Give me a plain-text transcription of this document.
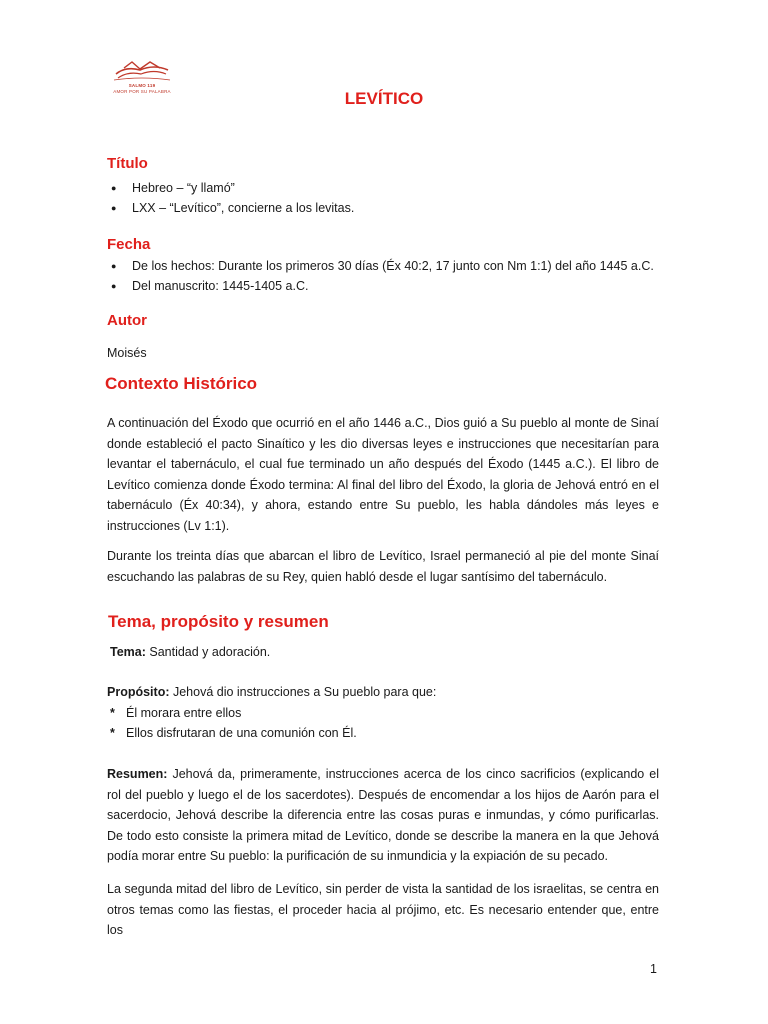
SALMO 119
AMOR POR SU PALABRA	LEVÍTICO
Título
● Hebreo – “y llamó”
● LXX – “Levítico”, concierne a los levitas.
Fecha
● De los hechos: Durante los primeros 30 días (Éx 40:2, 17 junto con Nm 1:1) del año 1445 a.C.
● Del manuscrito: 1445-1405 a.C.
Autor

Moisés

Contexto Histórico

A continuación del Éxodo que ocurrió en el año 1446 a.C., Dios guió a Su pueblo al monte de Sinaí donde estableció el pacto Sinaítico y les dio diversas leyes e instrucciones que necesitarían para levantar el tabernáculo, el cual fue terminado un año después del Éxodo (1445 a.C.). El libro de Levítico comienza donde Éxodo termina: Al final del libro del Éxodo, la gloria de Jehová entró en el tabernáculo (Éx 40:34), y ahora, estando entre Su pueblo, les habla dándoles más leyes e instrucciones (Lv 1:1).

Durante los treinta días que abarcan el libro de Levítico, Israel permaneció al pie del monte Sinaí escuchando las palabras de su Rey, quien habló desde el lugar santísimo del tabernáculo.

Tema, propósito y resumen

Tema: Santidad y adoración.

Propósito: Jehová dio instrucciones a Su pueblo para que:

* Él morara entre ellos
* Ellos disfrutaran de una comunión con Él.

Resumen: Jehová da, primeramente, instrucciones acerca de los cinco sacrificios (explicando el rol del pueblo y luego el de los sacerdotes). Después de encomendar a los hijos de Aarón para el sacerdocio, Jehová describe la diferencia entre las cosas puras e inmundas, y cómo purificarlas. De todo esto consiste la primera mitad de Levítico, donde se describe la manera en la que Jehová podía morar entre Su pueblo: la purificación de su inmundicia y la expiación de su pecado.

La segunda mitad del libro de Levítico, sin perder de vista la santidad de los israelitas, se centra en otros temas como las fiestas, el proceder hacia al prójimo, etc. Es necesario entender que, entre los

1
